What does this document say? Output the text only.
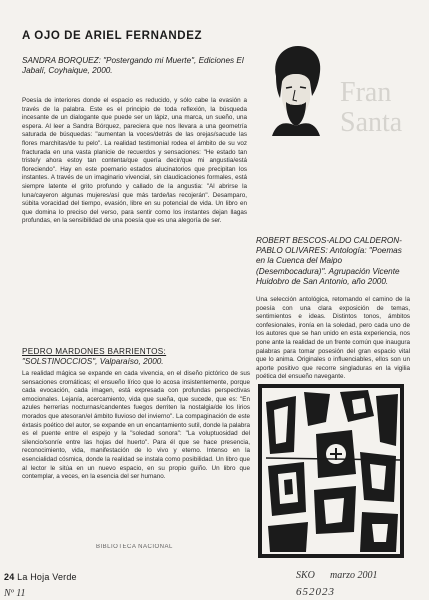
A OJO DE ARIEL FERNANDEZ
SANDRA BORQUEZ: "Postergando mi Muerte", Ediciones El Jabalí, Coyhaique, 2000.

Poesía de interiores donde el espacio es reducido, y sólo cabe la evasión a través de la palabra. Este es el principio de toda reflexión, la búsqueda incesante de un dialogante que puede ser un lápiz, una marca, un sueño, una espera. Al leer a Sandra Bórquez, pareciera que nos llevara a una geometría saturada de búsquedas: "aumentan la voces/detrás de las orejas/sacude las flores marchitas/de tu pelo". La realidad testimonial rodea el ámbito de su voz fracturada en una vasta planicie de recuerdos y sensaciones: "He estado tan triste/y ahora estoy tan contenta/que quería decir/que mi angustia/está floreciendo". Hay en este poemario estados alucinatorios que precipitan los instantes. A través de un imaginario vivencial, sin claudicaciones formales, está siempre latente el grito profundo y callado de la angustia: "Al abrirse la luna/cayeron algunas mujeres/así que más tarde/las recojerán". Desamparo, súbita voracidad del tiempo, evasión, libre en su potencial de vida. Un libro en que domina lo preciso del verso, para sentir como los instantes dejan llagas profundas, en la sensibilidad de una poesía que es una alegoría de ser.

PEDRO MARDONES BARRIENTOS:
"SOLSTINOCCIOS", Valparaíso, 2000.

La realidad mágica se expande en cada vivencia, en el diseño pictórico de sus sensaciones cromáticas; el ensueño lírico que lo acosa insistentemente, porque cada evocación, cada imagen, está expresada con profundas perspectivas emocionales. Lejanía, acercamiento, vida que sueña, que sucede, que es: "En azules herrerías nocturnas/candentes fuegos derriten la nostalgia/de los lirios morados que atesoran/el ámbito lluvioso del invierno". La compaginación de este éxtasis poético del autor, se expande en un encantamiento sutil, donde la palabra es el puente entre el espejo y la "soledad sonora": "La voluptuosidad del silencio/sonríe entre las hojas del huerto". Para él que se hace presencia, reconocimiento, vida, manifestación de lo vivo y eterno. Intenso en la esencialidad cósmica, donde la realidad se instala como posibilidad. Un libro que al lector le sitúa en un nuevo espacio, en su propio guiño. Un libro que contemplar, a veces, en la esencia del ser humano.

Fran Santa
ROBERT BESCOS-ALDO CALDERON-PABLO OLIVARES: Antología: "Poemas en la Cuenca del Maipo (Desembocadura)". Agrupación Vicente Huidobro de San Antonio, año 2000.

Una selección antológica, retomando el camino de la poesía con una clara exposición de temas, sentimientos e ideas. Distintos tonos, ámbitos confesionales, ironía en la soledad, pero cada uno de los autores que se han unido en esta experiencia, nos pone ante la realidad de un frente común que inaugura palabras para tomar posesión del gran espacio vital que lo anima. Originales o influenciables, ellos son un aporte positivo que recorre singladuras en la vigilia poética del ensueño navegante.

SKO marzo 2001
BIBLIOTECA NACIONAL
24 La Hoja Verde
Nº 11	652023
